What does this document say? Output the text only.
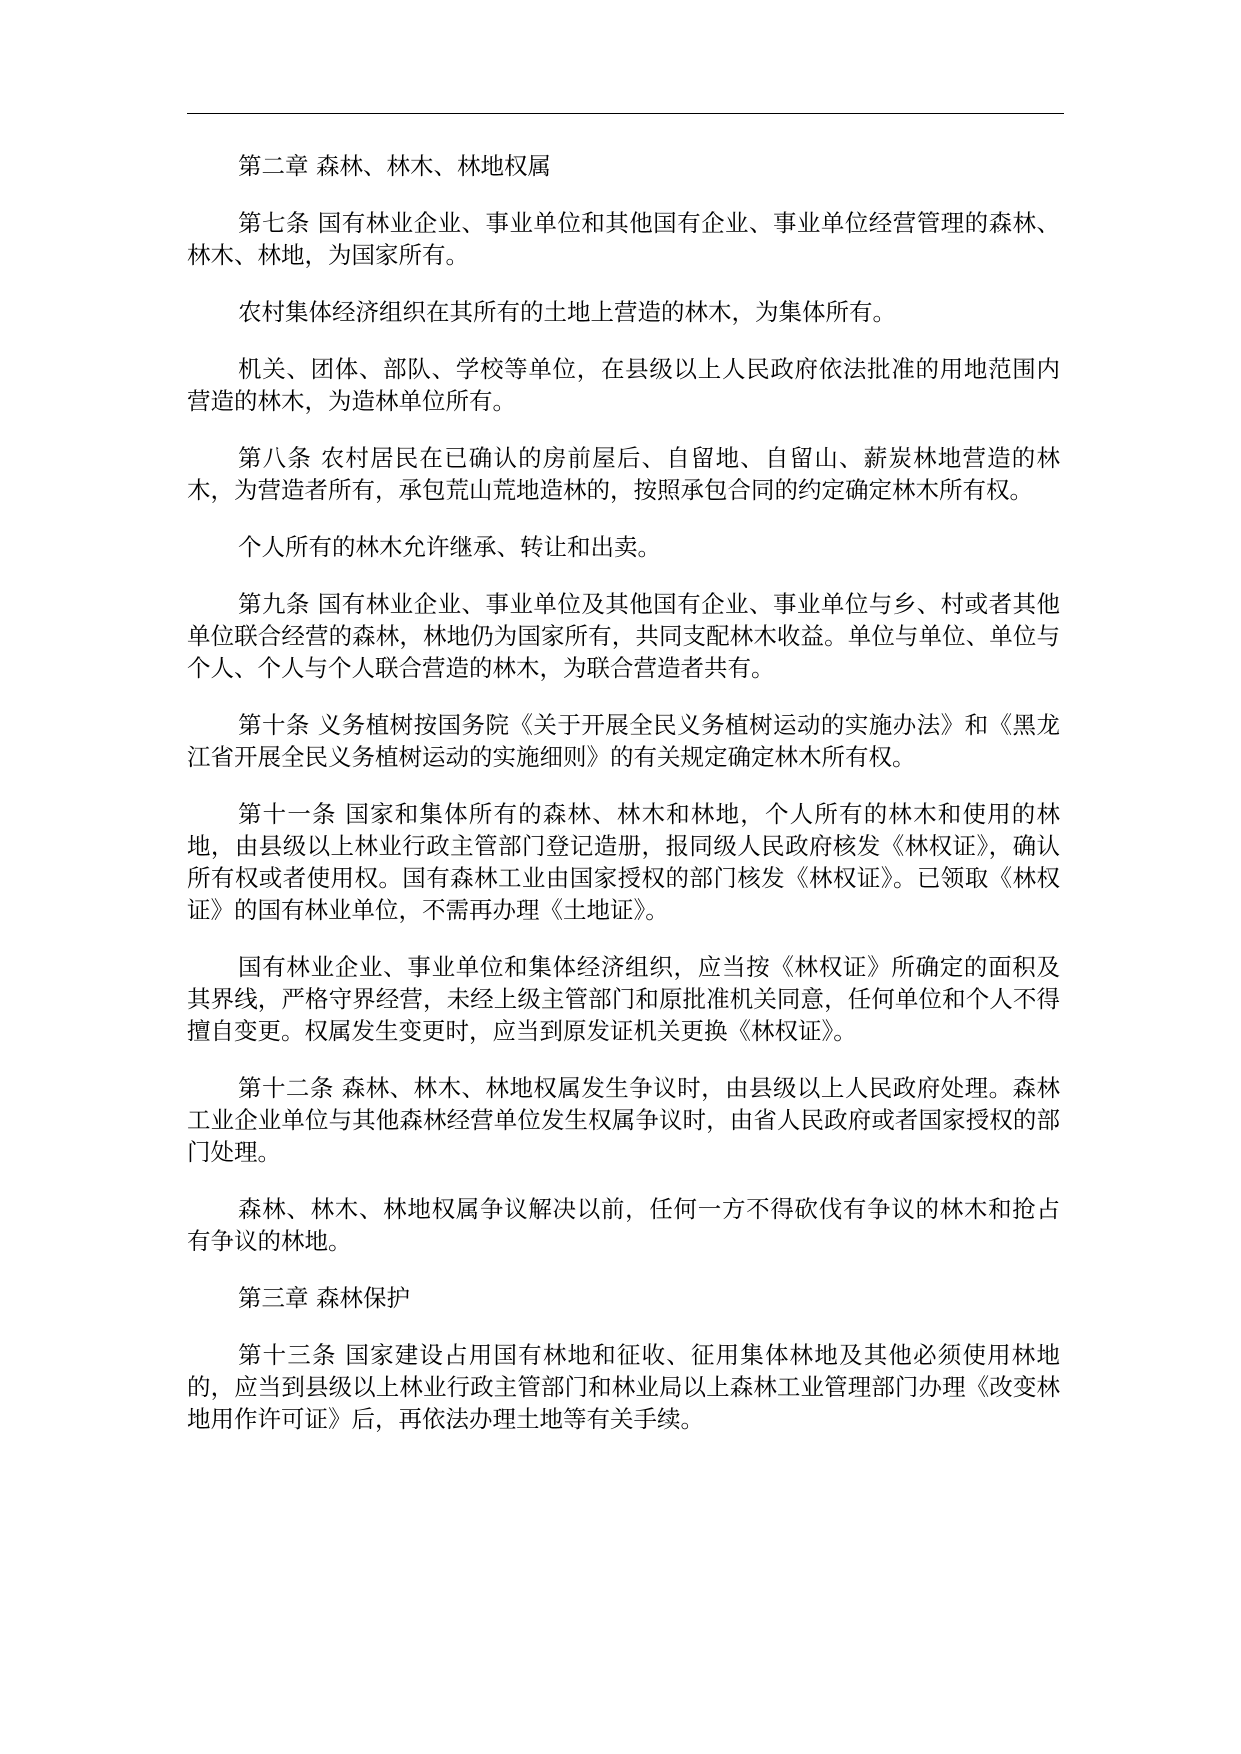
第二章 森林、林木、林地权属

第七条 国有林业企业、事业单位和其他国有企业、事业单位经营管理的森林、林木、林地，为国家所有。

农村集体经济组织在其所有的土地上营造的林木，为集体所有。

机关、团体、部队、学校等单位，在县级以上人民政府依法批准的用地范围内营造的林木，为造林单位所有。

第八条 农村居民在已确认的房前屋后、自留地、自留山、薪炭林地营造的林木，为营造者所有，承包荒山荒地造林的，按照承包合同的约定确定林木所有权。

个人所有的林木允许继承、转让和出卖。

第九条 国有林业企业、事业单位及其他国有企业、事业单位与乡、村或者其他单位联合经营的森林，林地仍为国家所有，共同支配林木收益。单位与单位、单位与个人、个人与个人联合营造的林木，为联合营造者共有。

第十条 义务植树按国务院《关于开展全民义务植树运动的实施办法》和《黑龙江省开展全民义务植树运动的实施细则》的有关规定确定林木所有权。

第十一条 国家和集体所有的森林、林木和林地，个人所有的林木和使用的林地，由县级以上林业行政主管部门登记造册，报同级人民政府核发《林权证》，确认所有权或者使用权。国有森林工业由国家授权的部门核发《林权证》。已领取《林权证》的国有林业单位，不需再办理《土地证》。

国有林业企业、事业单位和集体经济组织，应当按《林权证》所确定的面积及其界线，严格守界经营，未经上级主管部门和原批准机关同意，任何单位和个人不得擅自变更。权属发生变更时，应当到原发证机关更换《林权证》。

第十二条 森林、林木、林地权属发生争议时，由县级以上人民政府处理。森林工业企业单位与其他森林经营单位发生权属争议时，由省人民政府或者国家授权的部门处理。

森林、林木、林地权属争议解决以前，任何一方不得砍伐有争议的林木和抢占有争议的林地。

第三章 森林保护

第十三条 国家建设占用国有林地和征收、征用集体林地及其他必须使用林地的，应当到县级以上林业行政主管部门和林业局以上森林工业管理部门办理《改变林地用作许可证》后，再依法办理土地等有关手续。
